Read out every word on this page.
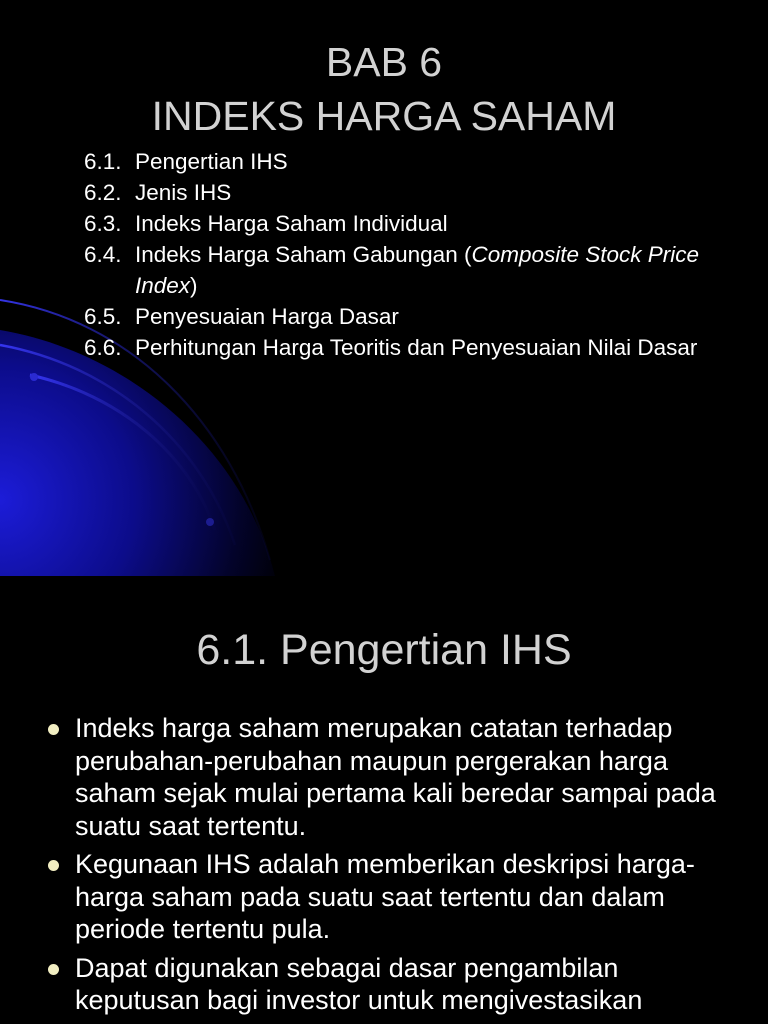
BAB 6
INDEKS HARGA SAHAM
6.1. Pengertian IHS
6.2. Jenis IHS
6.3. Indeks Harga Saham Individual
6.4. Indeks Harga Saham Gabungan (Composite Stock Price Index)
6.5. Penyesuaian Harga Dasar
6.6. Perhitungan Harga Teoritis dan Penyesuaian Nilai Dasar
6.1. Pengertian IHS
Indeks harga saham merupakan catatan terhadap perubahan-perubahan maupun pergerakan harga saham sejak mulai pertama kali beredar sampai pada suatu saat tertentu.
Kegunaan IHS adalah memberikan deskripsi harga-harga saham pada suatu saat tertentu dan dalam periode tertentu pula.
Dapat digunakan sebagai dasar pengambilan keputusan bagi investor untuk mengivestasikan
